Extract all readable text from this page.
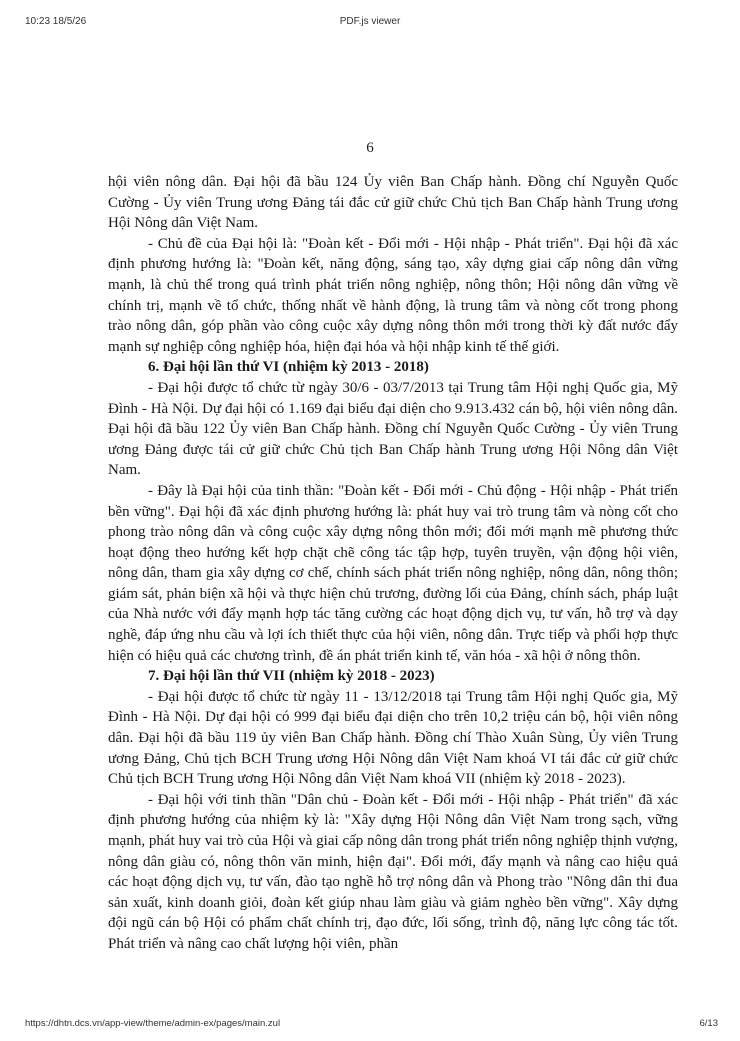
10:23 18/5/26	PDF.js viewer
6

hội viên nông dân. Đại hội đã bầu 124 Ủy viên Ban Chấp hành. Đồng chí Nguyễn Quốc Cường - Ủy viên Trung ương Đảng tái đắc cử giữ chức Chủ tịch Ban Chấp hành Trung ương Hội Nông dân Việt Nam.

- Chủ đề của Đại hội là: "Đoàn kết - Đổi mới - Hội nhập - Phát triển". Đại hội đã xác định phương hướng là: "Đoàn kết, năng động, sáng tạo, xây dựng giai cấp nông dân vững mạnh, là chủ thể trong quá trình phát triển nông nghiệp, nông thôn; Hội nông dân vững về chính trị, mạnh về tổ chức, thống nhất về hành động, là trung tâm và nòng cốt trong phong trào nông dân, góp phần vào công cuộc xây dựng nông thôn mới trong thời kỳ đất nước đẩy mạnh sự nghiệp công nghiệp hóa, hiện đại hóa và hội nhập kinh tế thế giới.

6. Đại hội lần thứ VI (nhiệm kỳ 2013 - 2018)

- Đại hội được tổ chức từ ngày 30/6 - 03/7/2013 tại Trung tâm Hội nghị Quốc gia, Mỹ Đình - Hà Nội. Dự đại hội có 1.169 đại biểu đại diện cho 9.913.432 cán bộ, hội viên nông dân. Đại hội đã bầu 122 Ủy viên Ban Chấp hành. Đồng chí Nguyễn Quốc Cường - Ủy viên Trung ương Đảng được tái cử giữ chức Chủ tịch Ban Chấp hành Trung ương Hội Nông dân Việt Nam.

- Đây là Đại hội của tinh thần: "Đoàn kết - Đổi mới - Chủ động - Hội nhập - Phát triển bền vững". Đại hội đã xác định phương hướng là: phát huy vai trò trung tâm và nòng cốt cho phong trào nông dân và công cuộc xây dựng nông thôn mới; đổi mới mạnh mẽ phương thức hoạt động theo hướng kết hợp chặt chẽ công tác tập hợp, tuyên truyền, vận động hội viên, nông dân, tham gia xây dựng cơ chế, chính sách phát triển nông nghiệp, nông dân, nông thôn; giám sát, phản biện xã hội và thực hiện chủ trương, đường lối của Đảng, chính sách, pháp luật của Nhà nước với đẩy mạnh hợp tác tăng cường các hoạt động dịch vụ, tư vấn, hỗ trợ và dạy nghề, đáp ứng nhu cầu và lợi ích thiết thực của hội viên, nông dân. Trực tiếp và phối hợp thực hiện có hiệu quả các chương trình, đề án phát triển kinh tế, văn hóa - xã hội ở nông thôn.

7. Đại hội lần thứ VII (nhiệm kỳ 2018 - 2023)

- Đại hội được tổ chức từ ngày 11 - 13/12/2018 tại Trung tâm Hội nghị Quốc gia, Mỹ Đình - Hà Nội. Dự đại hội có 999 đại biểu đại diện cho trên 10,2 triệu cán bộ, hội viên nông dân. Đại hội đã bầu 119 ủy viên Ban Chấp hành. Đồng chí Thào Xuân Sùng, Ủy viên Trung ương Đảng, Chủ tịch BCH Trung ương Hội Nông dân Việt Nam khoá VI tái đắc cử giữ chức Chủ tịch BCH Trung ương Hội Nông dân Việt Nam khoá VII (nhiệm kỳ 2018 - 2023).

- Đại hội với tinh thần "Dân chủ - Đoàn kết - Đổi mới - Hội nhập - Phát triển" đã xác định phương hướng của nhiệm kỳ là: "Xây dựng Hội Nông dân Việt Nam trong sạch, vững mạnh, phát huy vai trò của Hội và giai cấp nông dân trong phát triển nông nghiệp thịnh vượng, nông dân giàu có, nông thôn văn minh, hiện đại". Đổi mới, đẩy mạnh và nâng cao hiệu quả các hoạt động dịch vụ, tư vấn, đào tạo nghề hỗ trợ nông dân và Phong trào "Nông dân thi đua sản xuất, kinh doanh giỏi, đoàn kết giúp nhau làm giàu và giảm nghèo bền vững". Xây dựng đội ngũ cán bộ Hội có phẩm chất chính trị, đạo đức, lối sống, trình độ, năng lực công tác tốt. Phát triển và nâng cao chất lượng hội viên, phần

https://dhtn.dcs.vn/app-view/theme/admin-ex/pages/main.zul	6/13
